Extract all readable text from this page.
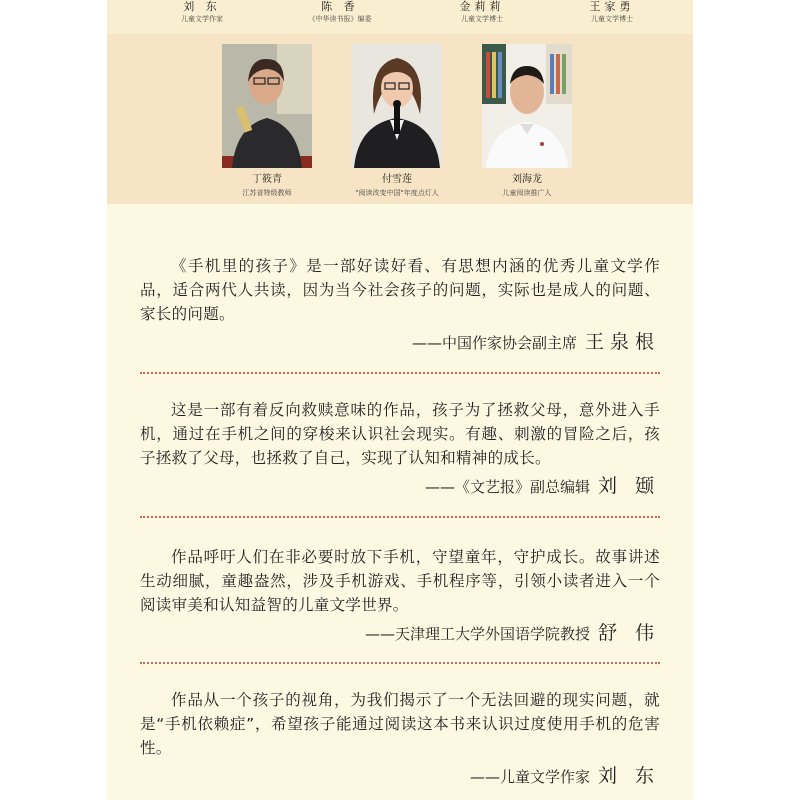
刘 东
儿童文学作家
陈 香
《中华读书报》编委
金莉莉
儿童文学博士
王家勇
儿童文学博士
丁筱青
江苏省特级教师
付雪莲
"阅读改变中国"年度点灯人
刘海龙
儿童阅读推广人

《手机里的孩子》是一部好读好看、有思想内涵的优秀儿童文学作品，适合两代人共读，因为当今社会孩子的问题，实际也是成人的问题、家长的问题。

——中国作家协会副主席 王泉根

这是一部有着反向救赎意味的作品，孩子为了拯救父母，意外进入手机，通过在手机之间的穿梭来认识社会现实。有趣、刺激的冒险之后，孩子拯救了父母，也拯救了自己，实现了认知和精神的成长。

——《文艺报》副总编辑 刘 颋

作品呼吁人们在非必要时放下手机，守望童年，守护成长。故事讲述生动细腻，童趣盎然，涉及手机游戏、手机程序等，引领小读者进入一个阅读审美和认知益智的儿童文学世界。

——天津理工大学外国语学院教授 舒 伟

作品从一个孩子的视角，为我们揭示了一个无法回避的现实问题，就是“手机依赖症”，希望孩子能通过阅读这本书来认识过度使用手机的危害性。

——儿童文学作家 刘 东
